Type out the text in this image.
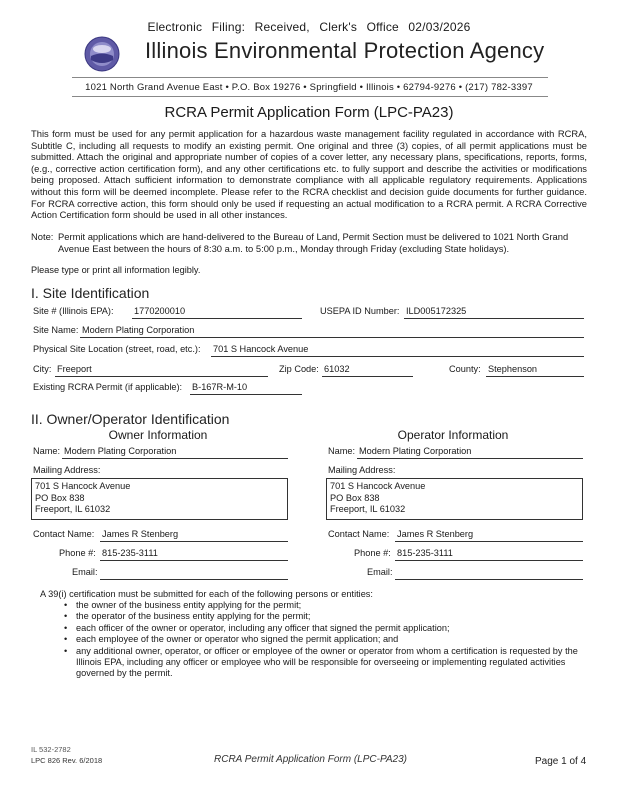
Electronic Filing: Received, Clerk's Office 02/03/2026
Illinois Environmental Protection Agency
1021 North Grand Avenue East • P.O. Box 19276 • Springfield • Illinois • 62794-9276 • (217) 782-3397
RCRA Permit Application Form (LPC-PA23)
This form must be used for any permit application for a hazardous waste management facility regulated in accordance with RCRA, Subtitle C, including all requests to modify an existing permit. One original and three (3) copies, of all permit applications must be submitted. Attach the original and appropriate number of copies of a cover letter, any necessary plans, specifications, reports, forms, (e.g., corrective action certification form), and any other certifications etc. to fully support and describe the activities or modifications being proposed. Attach sufficient information to demonstrate compliance with all applicable regulatory requirements. Applications without this form will be deemed incomplete. Please refer to the RCRA checklist and decision guide documents for further guidance. For RCRA corrective action, this form should only be used if requesting an actual modification to a RCRA permit. A RCRA Corrective Action Certification form should be used in all other instances.
Note: Permit applications which are hand-delivered to the Bureau of Land, Permit Section must be delivered to 1021 North Grand Avenue East between the hours of 8:30 a.m. to 5:00 p.m., Monday through Friday (excluding State holidays).
Please type or print all information legibly.
I. Site Identification
Site # (Illinois EPA): 1770200010	USEPA ID Number: ILD005172325
Site Name: Modern Plating Corporation
Physical Site Location (street, road, etc.): 701 S Hancock Avenue
City: Freeport	Zip Code: 61032	County: Stephenson
Existing RCRA Permit (if applicable): B-167R-M-10
II. Owner/Operator Identification
Owner Information
Name: Modern Plating Corporation
Mailing Address:
701 S Hancock Avenue
PO Box 838
Freeport, IL 61032
Contact Name: James R Stenberg
Phone #: 815-235-3111
Email:
Operator Information
Name: Modern Plating Corporation
Mailing Address:
701 S Hancock Avenue
PO Box 838
Freeport, IL 61032
Contact Name: James R Stenberg
Phone #: 815-235-3111
Email:
A 39(i) certification must be submitted for each of the following persons or entities:
• the owner of the business entity applying for the permit;
• the operator of the business entity applying for the permit;
• each officer of the owner or operator, including any officer that signed the permit application;
• each employee of the owner or operator who signed the permit application; and
• any additional owner, operator, or officer or employee of the owner or operator from whom a certification is requested by the Illinois EPA, including any officer or employee who will be responsible for overseeing or implementing regulated activities governed by the permit.
IL 532-2782
LPC 826 Rev. 6/2018	RCRA Permit Application Form (LPC-PA23)	Page 1 of 4
